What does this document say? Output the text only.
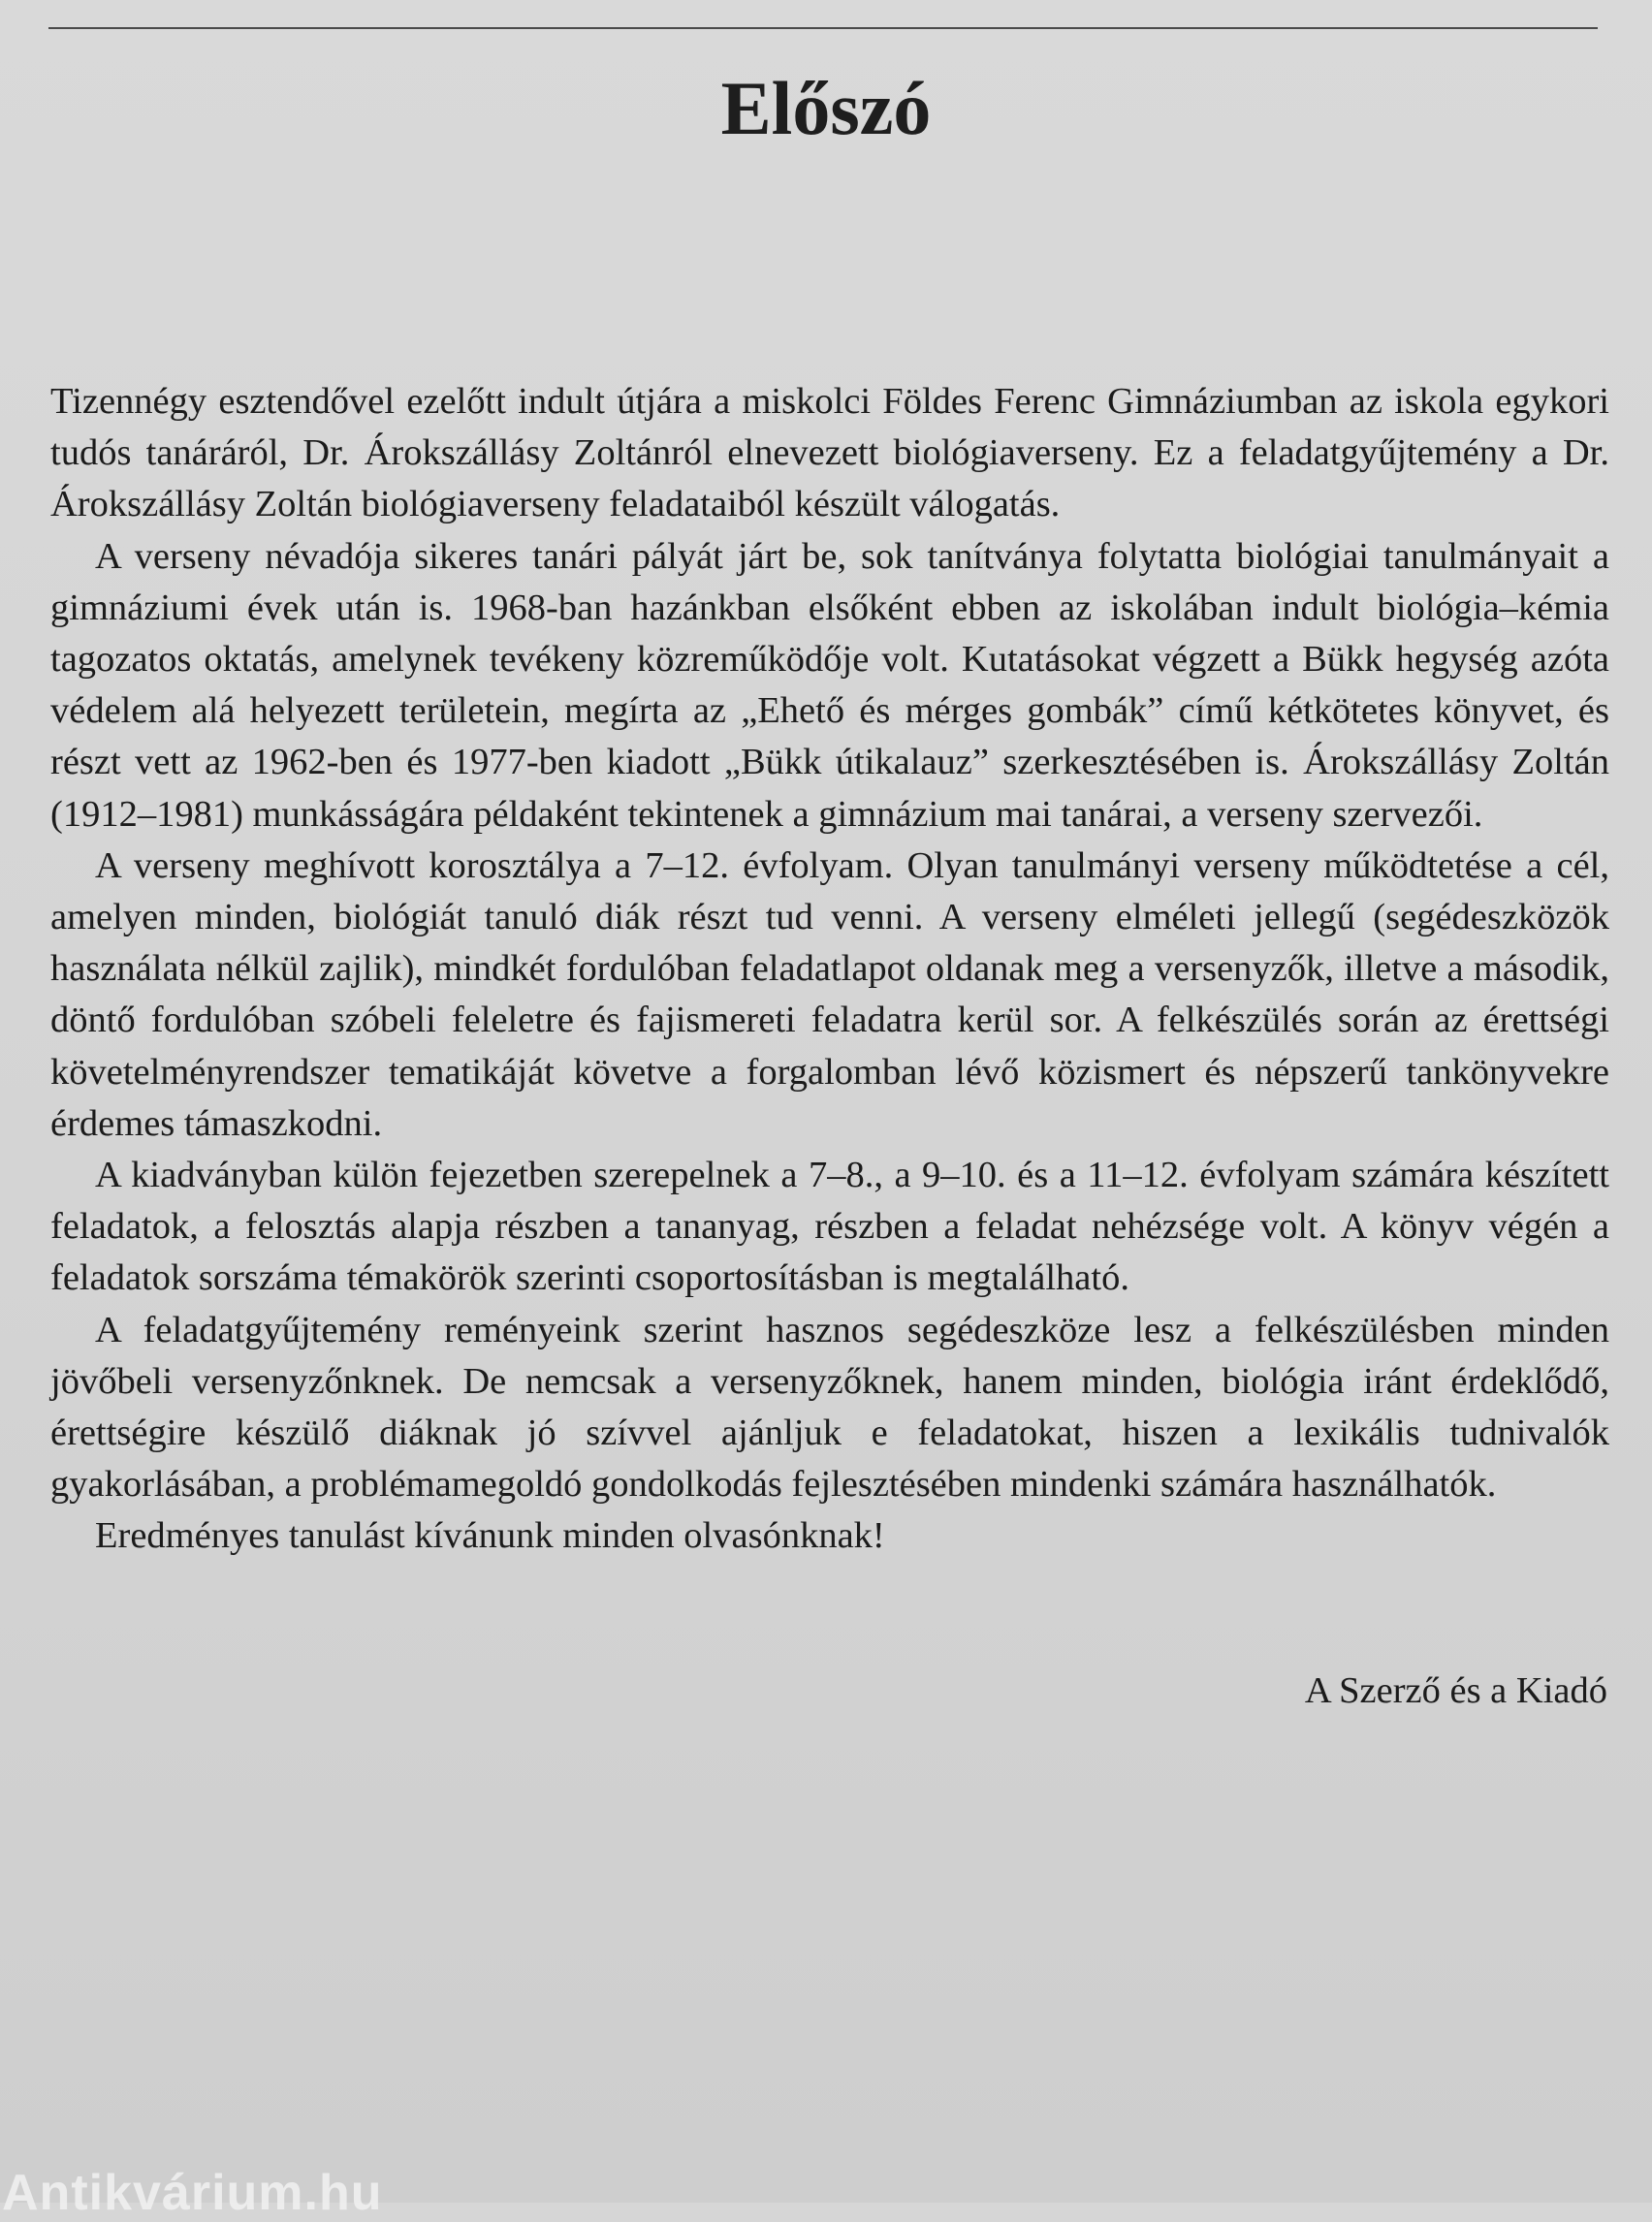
Előszó

Tizennégy esztendővel ezelőtt indult útjára a miskolci Földes Ferenc Gimnáziumban az iskola egykori tudós tanáráról, Dr. Árokszállásy Zoltánról elnevezett biológiaverseny. Ez a feladatgyűjtemény a Dr. Árokszállásy Zoltán biológiaverseny feladataiból készült válogatás.

A verseny névadója sikeres tanári pályát járt be, sok tanítványa folytatta biológiai tanulmányait a gimnáziumi évek után is. 1968-ban hazánkban elsőként ebben az iskolában indult biológia–kémia tagozatos oktatás, amelynek tevékeny közreműködője volt. Kutatásokat végzett a Bükk hegység azóta védelem alá helyezett területein, megírta az „Ehető és mérges gombák” című kétkötetes könyvet, és részt vett az 1962-ben és 1977-ben kiadott „Bükk útikalauz” szerkesztésében is. Árokszállásy Zoltán (1912–1981) munkásságára példaként tekintenek a gimnázium mai tanárai, a verseny szervezői.

A verseny meghívott korosztálya a 7–12. évfolyam. Olyan tanulmányi verseny működtetése a cél, amelyen minden, biológiát tanuló diák részt tud venni. A verseny elméleti jellegű (segédeszközök használata nélkül zajlik), mindkét fordulóban feladatlapot oldanak meg a versenyzők, illetve a második, döntő fordulóban szóbeli feleletre és fajismereti feladatra kerül sor. A felkészülés során az érettségi követelményrendszer tematikáját követve a forgalomban lévő közismert és népszerű tankönyvekre érdemes támaszkodni.

A kiadványban külön fejezetben szerepelnek a 7–8., a 9–10. és a 11–12. évfolyam számára készített feladatok, a felosztás alapja részben a tananyag, részben a feladat nehézsége volt. A könyv végén a feladatok sorszáma témakörök szerinti csoportosításban is megtalálható.

A feladatgyűjtemény reményeink szerint hasznos segédeszköze lesz a felkészülésben minden jövőbeli versenyzőnknek. De nemcsak a versenyzőknek, hanem minden, biológia iránt érdeklődő, érettségire készülő diáknak jó szívvel ajánljuk e feladatokat, hiszen a lexikális tudnivalók gyakorlásában, a problémamegoldó gondolkodás fejlesztésében mindenki számára használhatók.

Eredményes tanulást kívánunk minden olvasónknak!

A Szerző és a Kiadó
Antikvárium.hu
